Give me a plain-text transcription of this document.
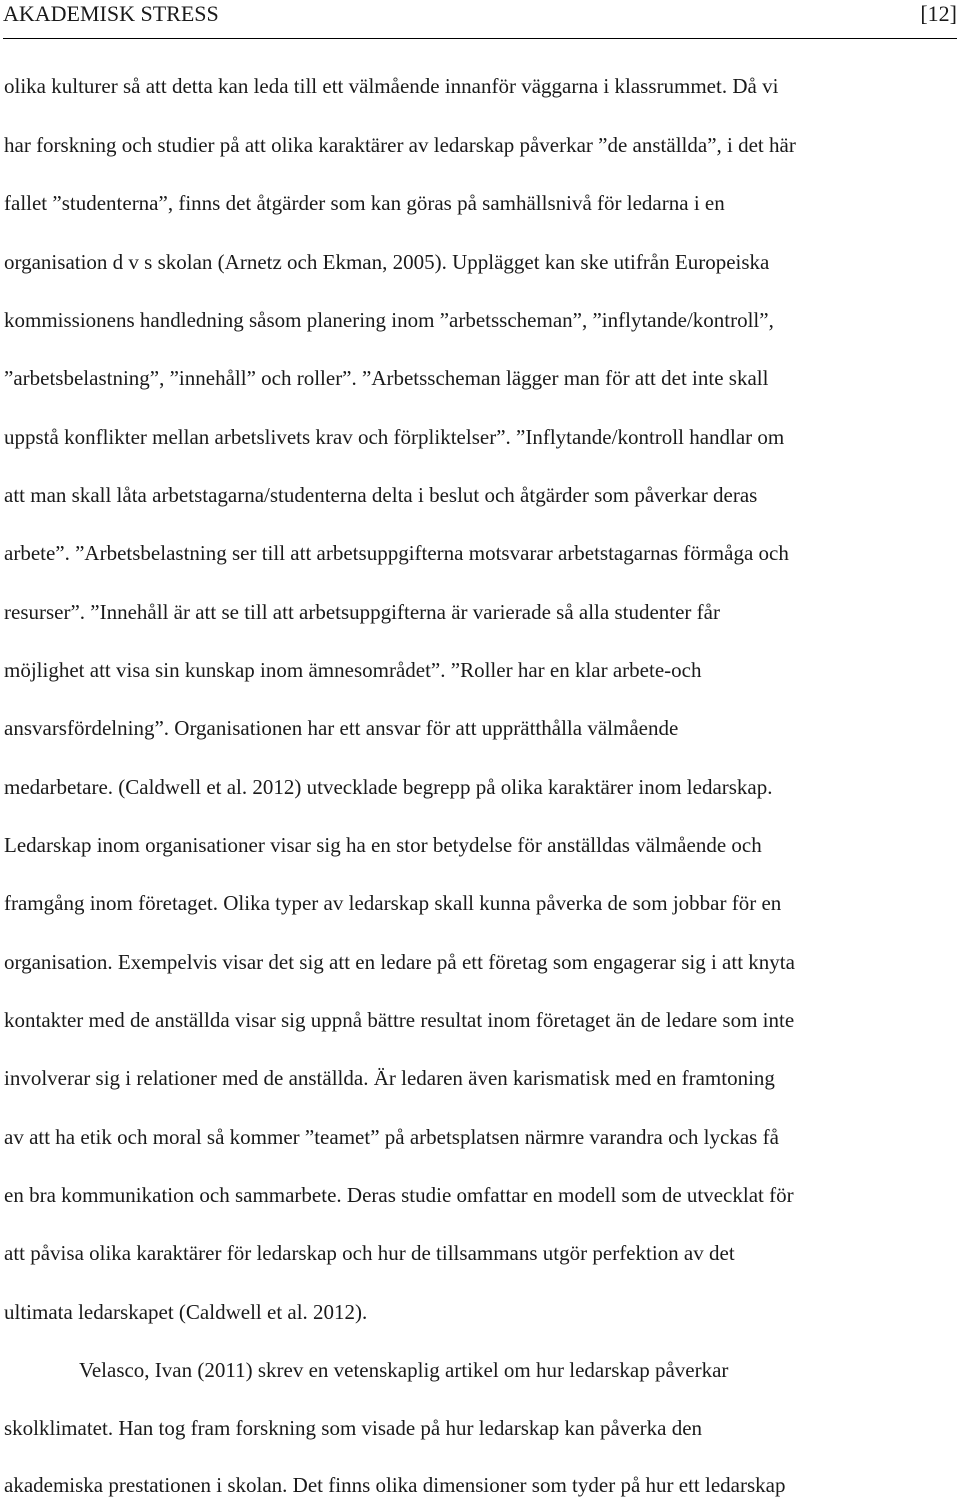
AKADEMISK STRESS	[12]
olika kulturer så att detta kan leda till ett välmående innanför väggarna i klassrummet. Då vi
har forskning och studier på att olika karaktärer av ledarskap påverkar ”de anställda”, i det här
fallet ”studenterna”, finns det åtgärder som kan göras på samhällsnivå för ledarna i en
organisation d v s skolan (Arnetz och Ekman, 2005). Upplägget kan ske utifrån Europeiska
kommissionens handledning såsom planering inom ”arbetsscheman”, ”inflytande/kontroll”,
”arbetsbelastning”, ”innehåll” och roller”. ”Arbetsscheman lägger man för att det inte skall
uppstå konflikter mellan arbetslivets krav och förpliktelser”. ”Inflytande/kontroll handlar om
att man skall låta arbetstagarna/studenterna delta i beslut och åtgärder som påverkar deras
arbete”. ”Arbetsbelastning ser till att arbetsuppgifterna motsvarar arbetstagarnas förmåga och
resurser”. ”Innehåll är att se till att arbetsuppgifterna är varierade så alla studenter får
möjlighet att visa sin kunskap inom ämnesområdet”. ”Roller har en klar arbete-och
ansvarsfördelning”. Organisationen har ett ansvar för att upprätthålla välmående
medarbetare. (Caldwell et al. 2012) utvecklade begrepp på olika karaktärer inom ledarskap.
Ledarskap inom organisationer visar sig ha en stor betydelse för anställdas välmående och
framgång inom företaget. Olika typer av ledarskap skall kunna påverka de som jobbar för en
organisation. Exempelvis visar det sig att en ledare på ett företag som engagerar sig i att knyta
kontakter med de anställda visar sig uppnå bättre resultat inom företaget än de ledare som inte
involverar sig i relationer med de anställda. Är ledaren även karismatisk med en framtoning
av att ha etik och moral så kommer ”teamet” på arbetsplatsen närmre varandra och lyckas få
en bra kommunikation och sammarbete. Deras studie omfattar en modell som de utvecklat för
att påvisa olika karaktärer för ledarskap och hur de tillsammans utgör perfektion av det
ultimata ledarskapet (Caldwell et al. 2012).
Velasco, Ivan (2011) skrev en vetenskaplig artikel om hur ledarskap påverkar
skolklimatet. Han tog fram forskning som visade på hur ledarskap kan påverka den
akademiska prestationen i skolan. Det finns olika dimensioner som tyder på hur ett ledarskap
